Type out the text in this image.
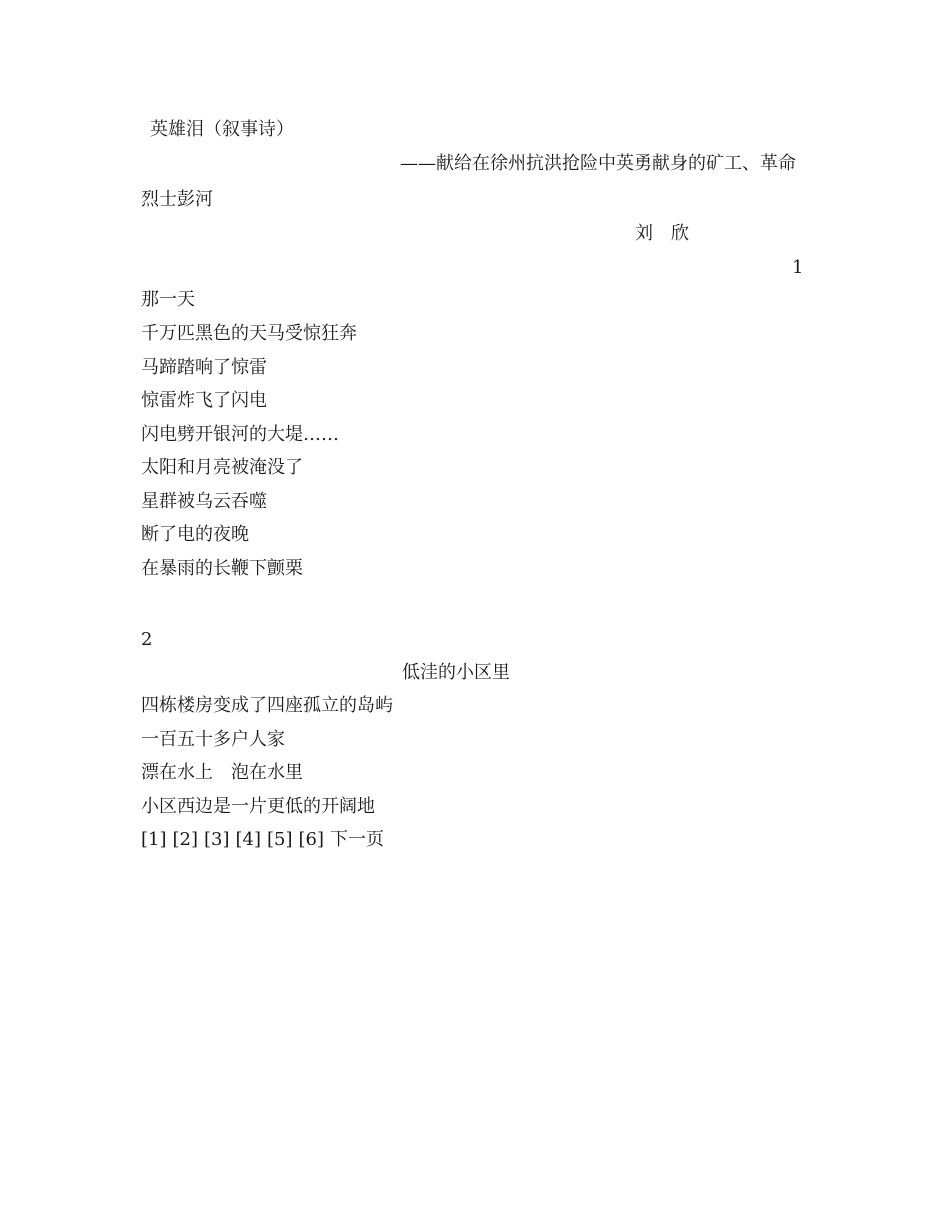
英雄泪（叙事诗）
——献给在徐州抗洪抢险中英勇献身的矿工、革命
烈士彭河
刘　欣
1
那一天
千万匹黑色的天马受惊狂奔
马蹄踏响了惊雷
惊雷炸飞了闪电
闪电劈开银河的大堤……
太阳和月亮被淹没了
星群被乌云吞噬
断了电的夜晚
在暴雨的长鞭下颤栗
2
低洼的小区里
四栋楼房变成了四座孤立的岛屿
一百五十多户人家
漂在水上　泡在水里
小区西边是一片更低的开阔地
[1] [2] [3] [4] [5] [6] 下一页
